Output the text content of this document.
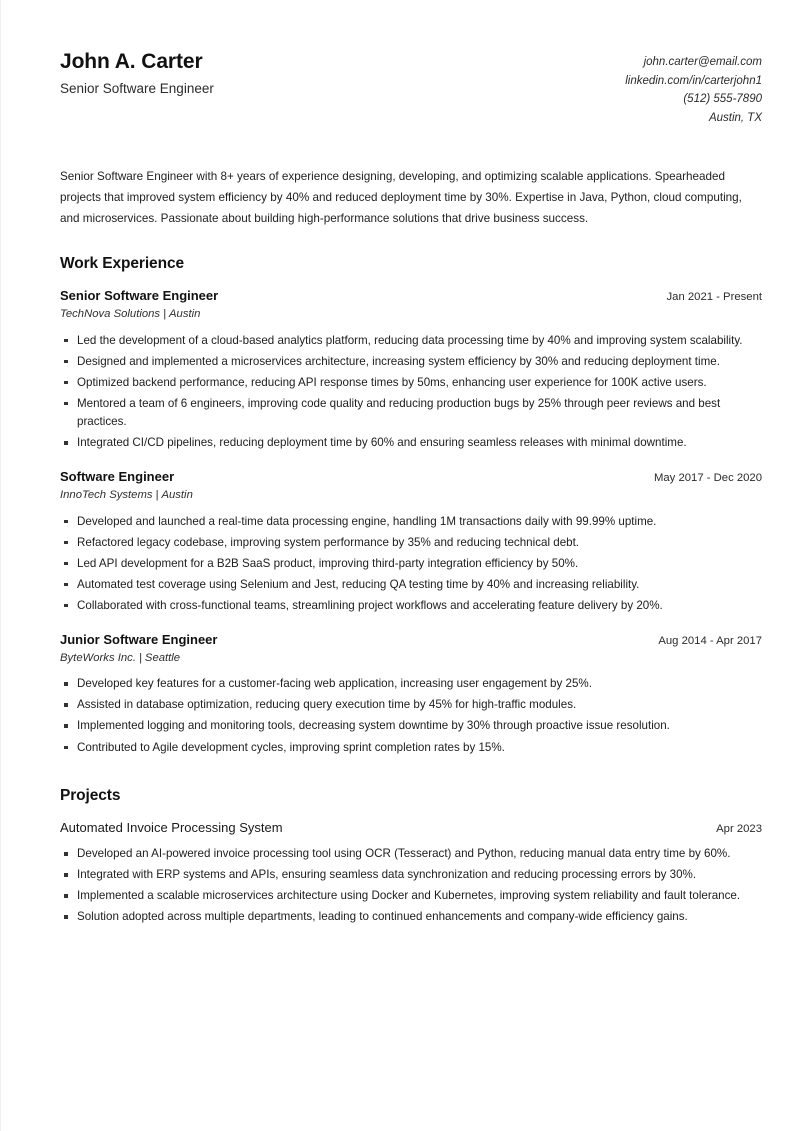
John A. Carter
Senior Software Engineer
john.carter@email.com
linkedin.com/in/carterjohn1
(512) 555-7890
Austin, TX
Senior Software Engineer with 8+ years of experience designing, developing, and optimizing scalable applications. Spearheaded projects that improved system efficiency by 40% and reduced deployment time by 30%. Expertise in Java, Python, cloud computing, and microservices. Passionate about building high-performance solutions that drive business success.
Work Experience
Senior Software Engineer	Jan 2021 - Present
TechNova Solutions | Austin
Led the development of a cloud-based analytics platform, reducing data processing time by 40% and improving system scalability.
Designed and implemented a microservices architecture, increasing system efficiency by 30% and reducing deployment time.
Optimized backend performance, reducing API response times by 50ms, enhancing user experience for 100K active users.
Mentored a team of 6 engineers, improving code quality and reducing production bugs by 25% through peer reviews and best practices.
Integrated CI/CD pipelines, reducing deployment time by 60% and ensuring seamless releases with minimal downtime.
Software Engineer	May 2017 - Dec 2020
InnoTech Systems | Austin
Developed and launched a real-time data processing engine, handling 1M transactions daily with 99.99% uptime.
Refactored legacy codebase, improving system performance by 35% and reducing technical debt.
Led API development for a B2B SaaS product, improving third-party integration efficiency by 50%.
Automated test coverage using Selenium and Jest, reducing QA testing time by 40% and increasing reliability.
Collaborated with cross-functional teams, streamlining project workflows and accelerating feature delivery by 20%.
Junior Software Engineer	Aug 2014 - Apr 2017
ByteWorks Inc. | Seattle
Developed key features for a customer-facing web application, increasing user engagement by 25%.
Assisted in database optimization, reducing query execution time by 45% for high-traffic modules.
Implemented logging and monitoring tools, decreasing system downtime by 30% through proactive issue resolution.
Contributed to Agile development cycles, improving sprint completion rates by 15%.
Projects
Automated Invoice Processing System	Apr 2023
Developed an AI-powered invoice processing tool using OCR (Tesseract) and Python, reducing manual data entry time by 60%.
Integrated with ERP systems and APIs, ensuring seamless data synchronization and reducing processing errors by 30%.
Implemented a scalable microservices architecture using Docker and Kubernetes, improving system reliability and fault tolerance.
Solution adopted across multiple departments, leading to continued enhancements and company-wide efficiency gains.
